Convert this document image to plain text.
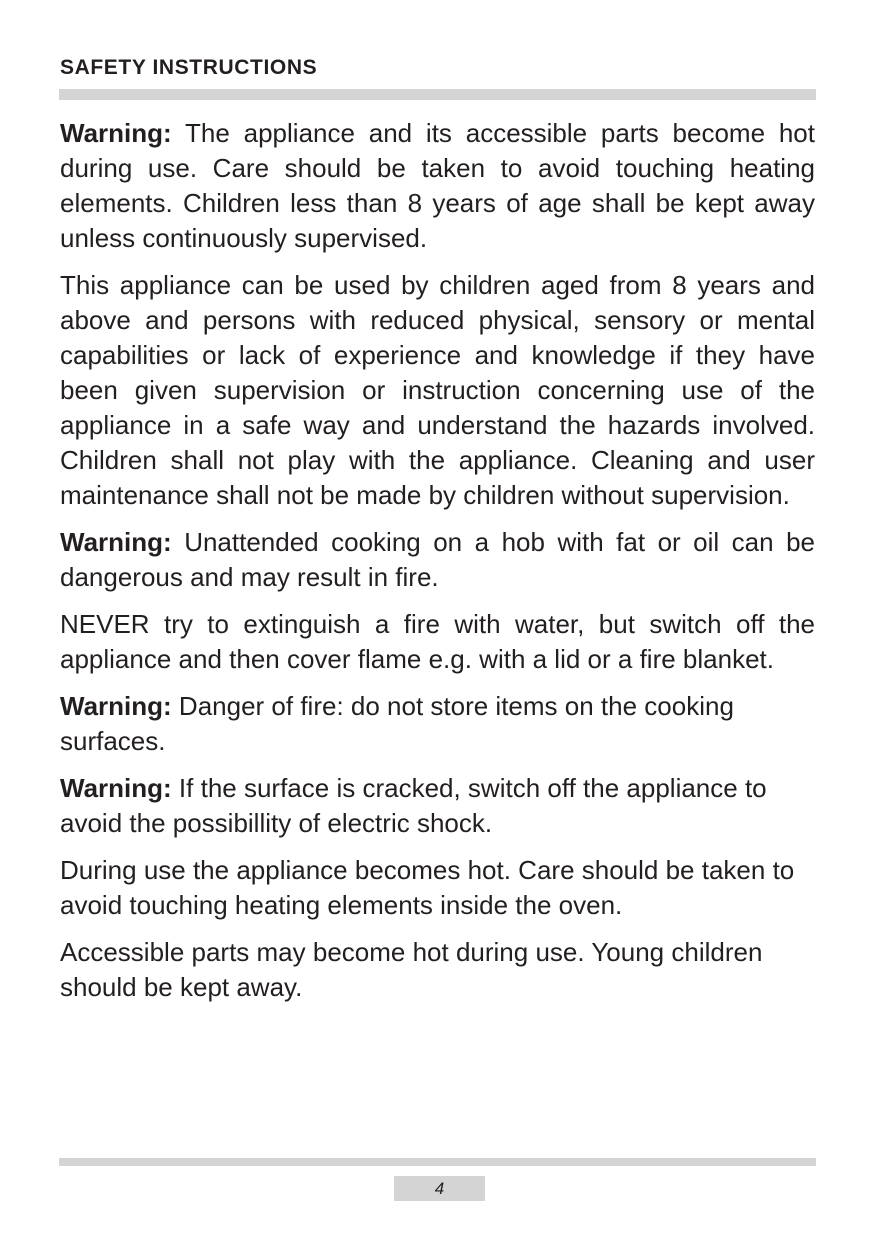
SAFETY INSTRUCTIONS

Warning: The appliance and its accessible parts become hot during use. Care should be taken to avoid touching heating elements. Children less than 8 years of age shall be kept away unless continuously supervised.

This appliance can be used by children aged from 8 years and above and persons with reduced physical, sensory or mental capabilities or lack of experience and knowledge if they have been given supervision or instruction concerning use of the appliance in a safe way and understand the hazards involved. Children shall not play with the appliance. Cleaning and user maintenance shall not be made by children without supervision.

Warning: Unattended cooking on a hob with fat or oil can be dangerous and may result in fire.

NEVER try to extinguish a fire with water, but switch off the appliance and then cover flame e.g. with a lid or a fire blanket.

Warning: Danger of fire: do not store items on the cooking surfaces.

Warning: If the surface is cracked, switch off the appliance to avoid the possibillity of electric shock.

During use the appliance becomes hot. Care should be taken to avoid touching heating elements inside the oven.

Accessible parts may become hot during use. Young children should be kept away.

4
